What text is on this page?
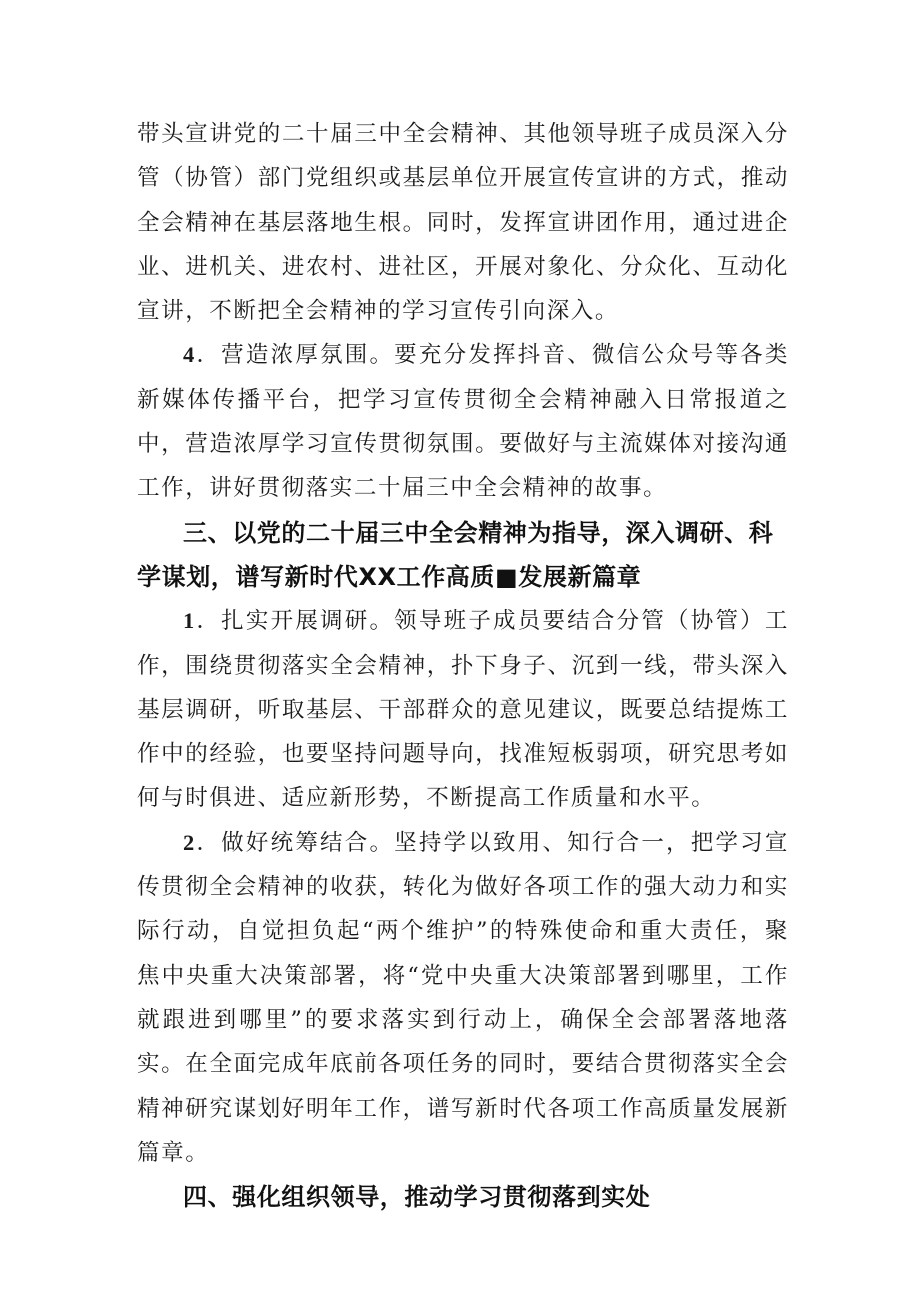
带头宣讲党的二十届三中全会精神、其他领导班子成员深入分管（协管）部门党组织或基层单位开展宣传宣讲的方式，推动全会精神在基层落地生根。同时，发挥宣讲团作用，通过进企业、进机关、进农村、进社区，开展对象化、分众化、互动化宣讲，不断把全会精神的学习宣传引向深入。

4．营造浓厚氛围。要充分发挥抖音、微信公众号等各类新媒体传播平台，把学习宣传贯彻全会精神融入日常报道之中，营造浓厚学习宣传贯彻氛围。要做好与主流媒体对接沟通工作，讲好贯彻落实二十届三中全会精神的故事。

三、以党的二十届三中全会精神为指导，深入调研、科学谋划，谱写新时代XX工作高质■发展新篇章

1．扎实开展调研。领导班子成员要结合分管（协管）工作，围绕贯彻落实全会精神，扑下身子、沉到一线，带头深入基层调研，听取基层、干部群众的意见建议，既要总结提炼工作中的经验，也要坚持问题导向，找准短板弱项，研究思考如何与时俱进、适应新形势，不断提高工作质量和水平。

2．做好统筹结合。坚持学以致用、知行合一，把学习宣传贯彻全会精神的收获，转化为做好各项工作的强大动力和实际行动，自觉担负起“两个维护”的特殊使命和重大责任，聚焦中央重大决策部署，将“党中央重大决策部署到哪里，工作就跟进到哪里”的要求落实到行动上，确保全会部署落地落实。在全面完成年底前各项任务的同时，要结合贯彻落实全会精神研究谋划好明年工作，谱写新时代各项工作高质量发展新篇章。

四、强化组织领导，推动学习贯彻落到实处
